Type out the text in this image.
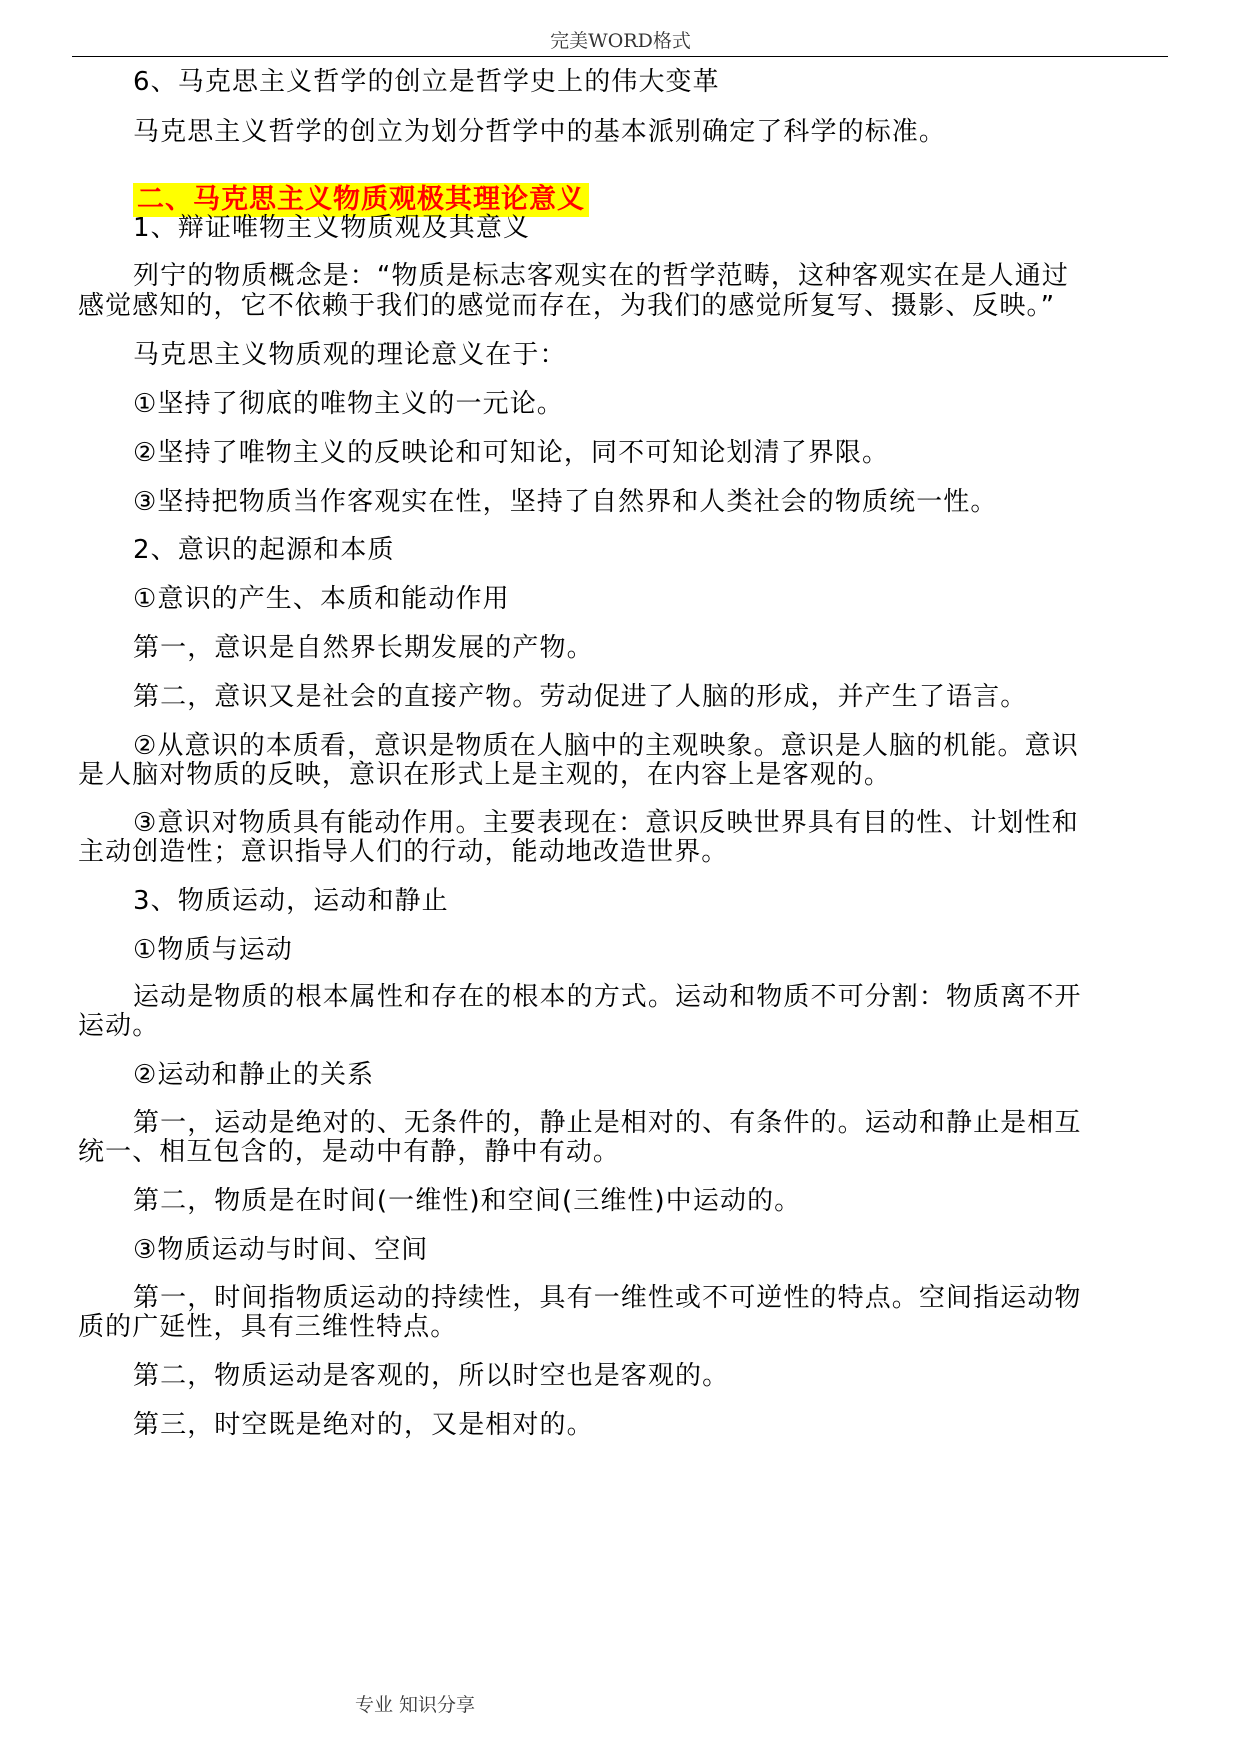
完美WORD格式
6、马克思主义哲学的创立是哲学史上的伟大变革
马克思主义哲学的创立为划分哲学中的基本派别确定了科学的标准。
二、马克思主义物质观极其理论意义
1、辩证唯物主义物质观及其意义
列宁的物质概念是：“物质是标志客观实在的哲学范畴，这种客观实在是人通过
感觉感知的，它不依赖于我们的感觉而存在，为我们的感觉所复写、摄影、反映。”
马克思主义物质观的理论意义在于：
①坚持了彻底的唯物主义的一元论。
②坚持了唯物主义的反映论和可知论，同不可知论划清了界限。
③坚持把物质当作客观实在性，坚持了自然界和人类社会的物质统一性。
2、意识的起源和本质
①意识的产生、本质和能动作用
第一，意识是自然界长期发展的产物。
第二，意识又是社会的直接产物。劳动促进了人脑的形成，并产生了语言。
②从意识的本质看，意识是物质在人脑中的主观映象。意识是人脑的机能。意识
是人脑对物质的反映，意识在形式上是主观的，在内容上是客观的。
③意识对物质具有能动作用。主要表现在：意识反映世界具有目的性、计划性和
主动创造性；意识指导人们的行动，能动地改造世界。
3、物质运动，运动和静止
①物质与运动
运动是物质的根本属性和存在的根本的方式。运动和物质不可分割：物质离不开
运动。
②运动和静止的关系
第一，运动是绝对的、无条件的，静止是相对的、有条件的。运动和静止是相互
统一、相互包含的，是动中有静，静中有动。
第二，物质是在时间(一维性)和空间(三维性)中运动的。
③物质运动与时间、空间
第一，时间指物质运动的持续性，具有一维性或不可逆性的特点。空间指运动物
质的广延性，具有三维性特点。
第二，物质运动是客观的，所以时空也是客观的。
第三，时空既是绝对的，又是相对的。
专业 知识分享
